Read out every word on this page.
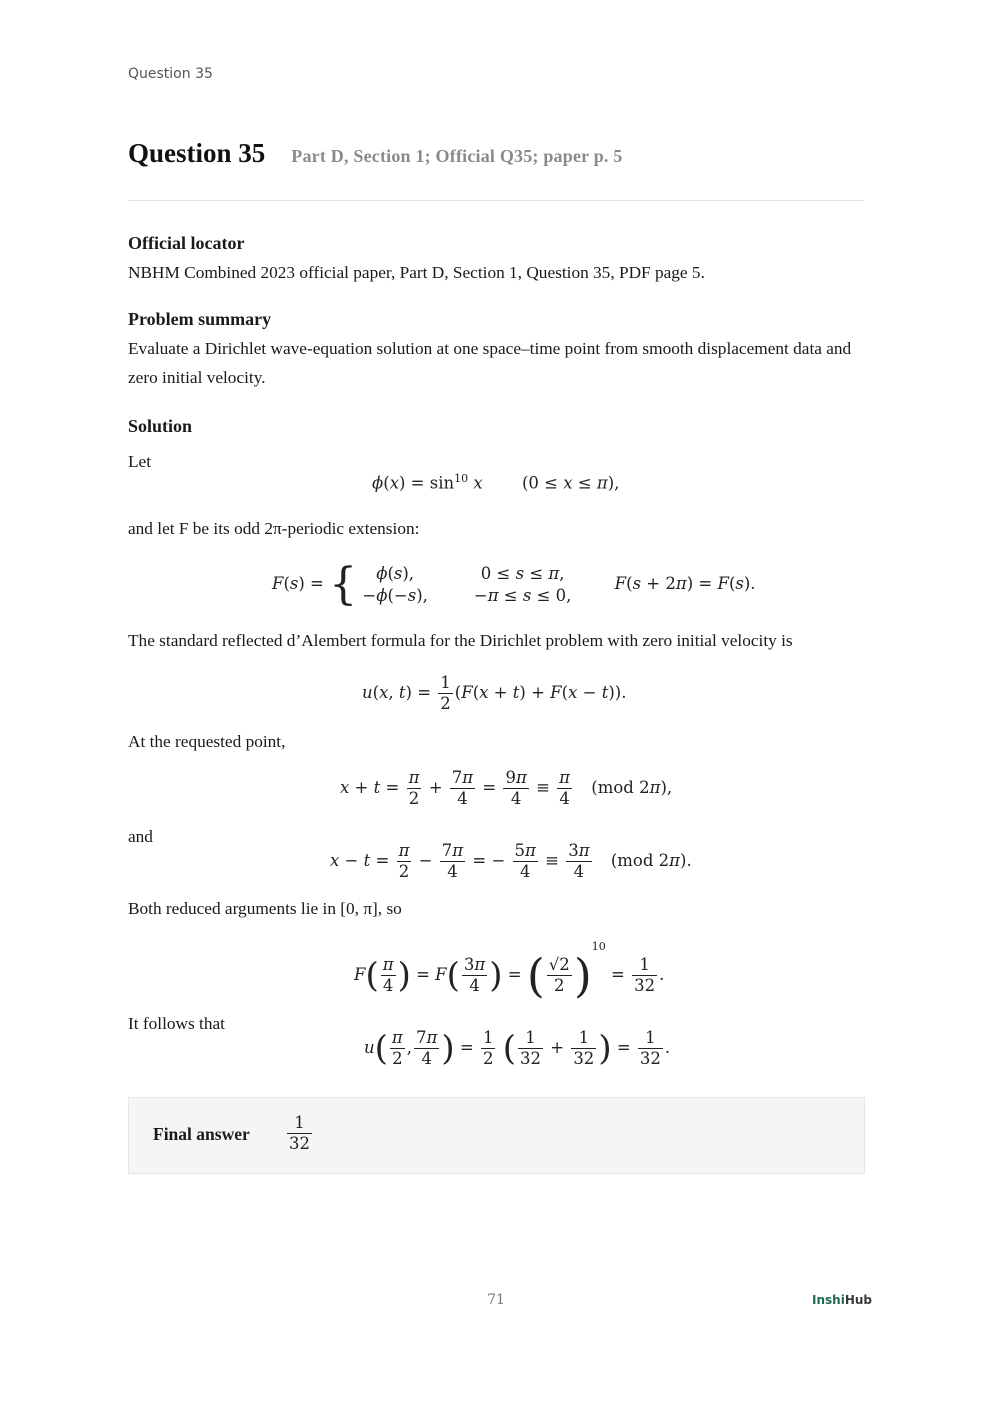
Question 35
Question 35 Part D, Section 1; Official Q35; paper p. 5
Official locator

NBHM Combined 2023 official paper, Part D, Section 1, Question 35, PDF page 5.

Problem summary

Evaluate a Dirichlet wave-equation solution at one space–time point from smooth displacement data and zero initial velocity.

Solution

Let

$\phi(x) = \sin^{10} x$ (0 ≤ x ≤ π),

and let F be its odd 2π-periodic extension:

F(s) = { ϕ(s),	0 ≤ s ≤ π,
−ϕ(−s),	−π ≤ s ≤ 0,
F(s + 2π) = F(s).

The standard reflected d’Alembert formula for the Dirichlet problem with zero initial velocity is

u(x, $t) = \frac{1}{2} (F(x + t) + F(x - t))$.

At the requested point,

$x + t = \frac{\pi}{2} + \frac{7\pi}{4} = \frac{9\pi}{4} \equiv \frac{\pi}{4} (mod$ 2π),

and

$x - t = \frac{\pi}{2} - \frac{7\pi}{4}$ = − $\frac{5\pi}{4} \equiv \frac{3\pi}{4} (mod$ 2π).

Both reduced arguments lie in [0, π], so

$F( \frac{\pi}{4}$ ) = $F( \frac{3\pi}{4}$ ) = ( $\frac{√2}{2} )^{10} = \frac{1}{32}$ .

It follows that

$u( \frac{\pi}{2}$ , $\frac{7\pi}{4}$ ) = $\frac{1}{2}$ ( $\frac{1}{32} + \frac{1}{32}$ ) = $\frac{1}{32}$ .
Final answer $\frac{1}{32}$
71	InshiHub
